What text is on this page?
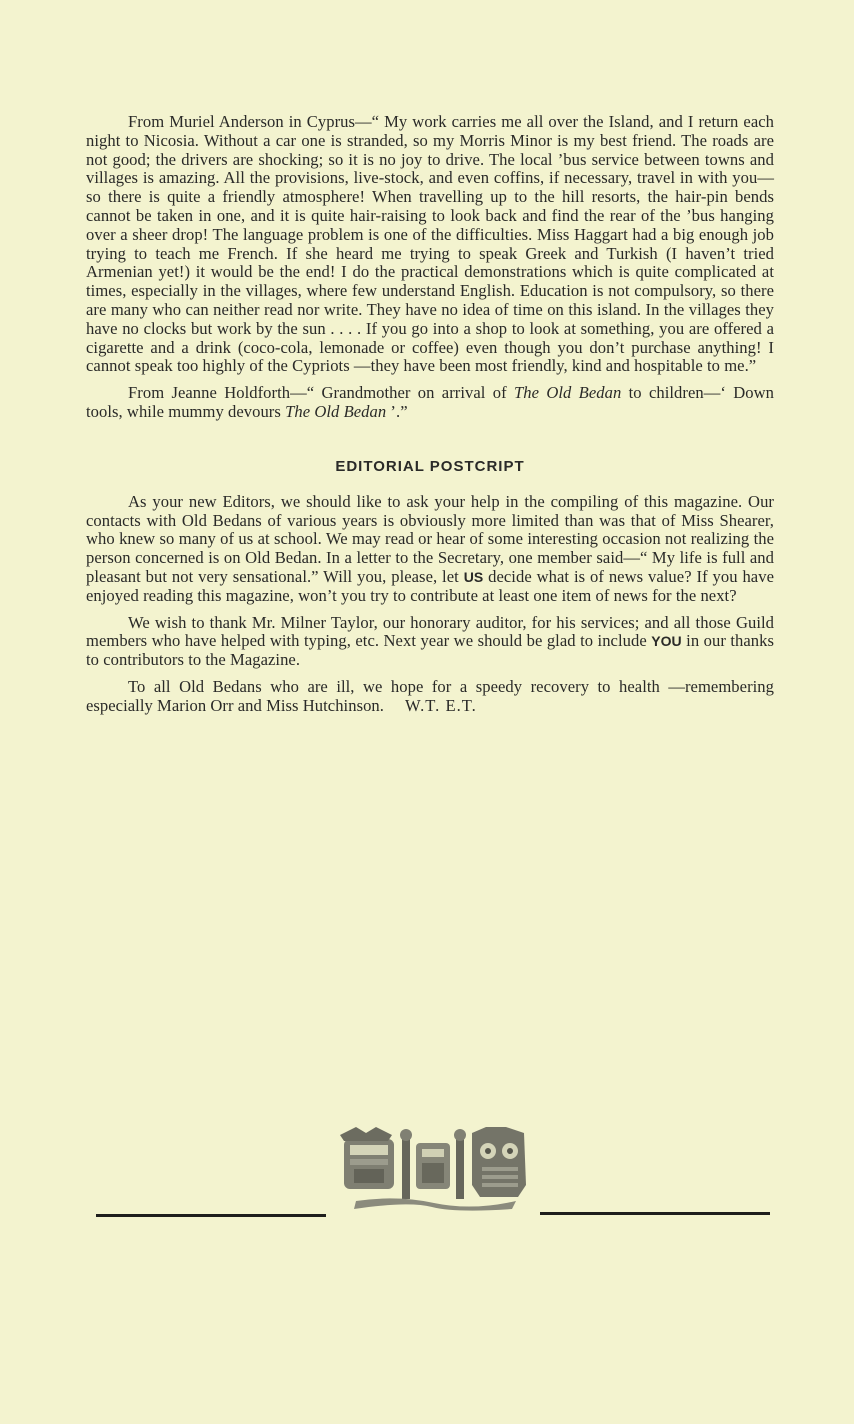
From Muriel Anderson in Cyprus—“ My work carries me all over the Island, and I return each night to Nicosia. Without a car one is stranded, so my Morris Minor is my best friend. The roads are not good; the drivers are shocking; so it is no joy to drive. The local ’bus service between towns and villages is amazing. All the provisions, live-stock, and even coffins, if necessary, travel in with you—so there is quite a friendly atmosphere! When travelling up to the hill resorts, the hair-pin bends cannot be taken in one, and it is quite hair-raising to look back and find the rear of the ’bus hanging over a sheer drop! The language problem is one of the difficulties. Miss Haggart had a big enough job trying to teach me French. If she heard me trying to speak Greek and Turkish (I haven’t tried Armenian yet!) it would be the end! I do the practical demonstrations which is quite complicated at times, especially in the villages, where few understand English. Education is not compulsory, so there are many who can neither read nor write. They have no idea of time on this island. In the villages they have no clocks but work by the sun . . . . If you go into a shop to look at something, you are offered a cigarette and a drink (coco-cola, lemonade or coffee) even though you don’t purchase anything! I cannot speak too highly of the Cypriots —they have been most friendly, kind and hospitable to me.”

From Jeanne Holdforth—“ Grandmother on arrival of The Old Bedan to children—‘ Down tools, while mummy devours The Old Bedan ’.”

EDITORIAL POSTCRIPT

As your new Editors, we should like to ask your help in the compiling of this magazine. Our contacts with Old Bedans of various years is obviously more limited than was that of Miss Shearer, who knew so many of us at school. We may read or hear of some interesting occasion not realizing the person concerned is on Old Bedan. In a letter to the Secretary, one member said—“ My life is full and pleasant but not very sensational.” Will you, please, let US decide what is of news value? If you have enjoyed reading this magazine, won’t you try to contribute at least one item of news for the next?

We wish to thank Mr. Milner Taylor, our honorary auditor, for his services; and all those Guild members who have helped with typing, etc. Next year we should be glad to include YOU in our thanks to contributors to the Magazine.

To all Old Bedans who are ill, we hope for a speedy recovery to health —remembering especially Marion Orr and Miss Hutchinson. W.T. E.T.
